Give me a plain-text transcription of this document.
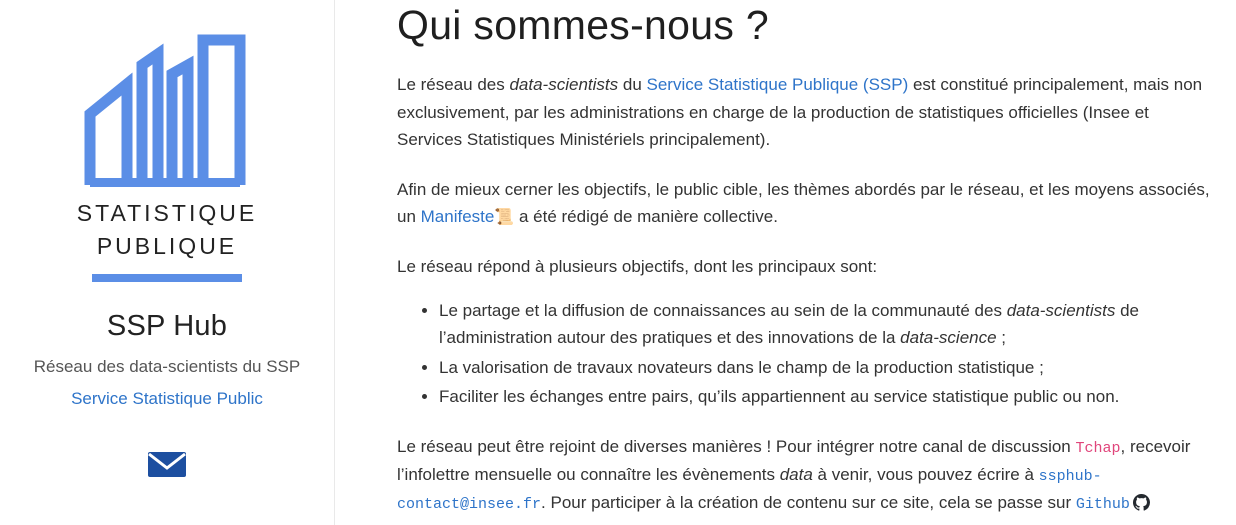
STATISTIQUE
PUBLIQUE
SSP Hub
Réseau des data-scientists du SSP
Service Statistique Public
Qui sommes-nous ?

Le réseau des data-scientists du Service Statistique Publique (SSP) est constitué principalement, mais non exclusivement, par les administrations en charge de la production de statistiques officielles (Insee et Services Statistiques Ministériels principalement).

Afin de mieux cerner les objectifs, le public cible, les thèmes abordés par le réseau, et les moyens associés, un Manifeste📜 a été rédigé de manière collective.

Le réseau répond à plusieurs objectifs, dont les principaux sont:

• Le partage et la diffusion de connaissances au sein de la communauté des data-scientists de l’administration autour des pratiques et des innovations de la data-science ;
• La valorisation de travaux novateurs dans le champ de la production statistique ;
• Faciliter les échanges entre pairs, qu’ils appartiennent au service statistique public ou non.

Le réseau peut être rejoint de diverses manières ! Pour intégrer notre canal de discussion Tchap, recevoir l’infolettre mensuelle ou connaître les évènements data à venir, vous pouvez écrire à ssphub-contact@insee.fr. Pour participer à la création de contenu sur ce site, cela se passe sur Github
